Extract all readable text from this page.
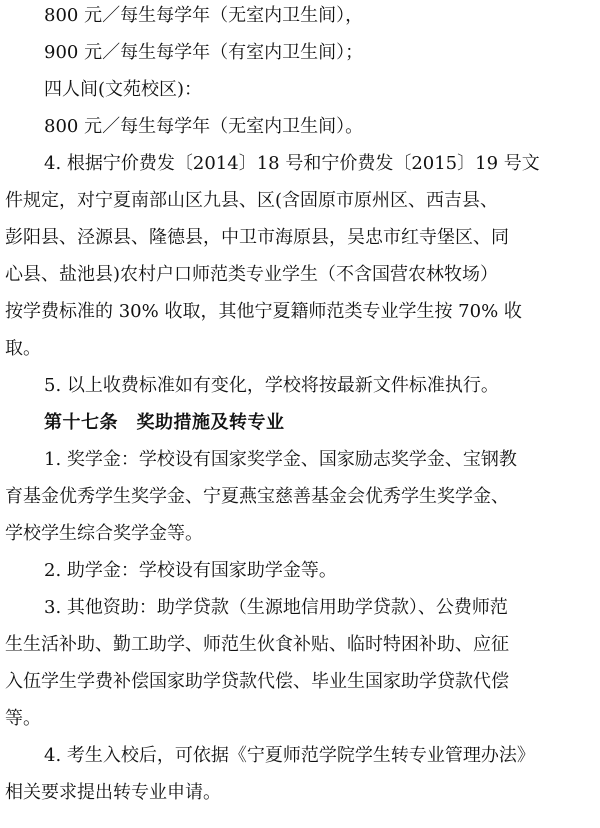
800 元／每生每学年（无室内卫生间），
900 元／每生每学年（有室内卫生间）；
四人间(文苑校区)：
800 元／每生每学年（无室内卫生间）。
4. 根据宁价费发〔2014〕18 号和宁价费发〔2015〕19 号文
件规定，对宁夏南部山区九县、区(含固原市原州区、西吉县、
彭阳县、泾源县、隆德县，中卫市海原县，吴忠市红寺堡区、同
心县、盐池县)农村户口师范类专业学生（不含国营农林牧场）
按学费标准的 30% 收取，其他宁夏籍师范类专业学生按 70% 收
取。
5. 以上收费标准如有变化，学校将按最新文件标准执行。
第十七条　奖助措施及转专业
1. 奖学金：学校设有国家奖学金、国家励志奖学金、宝钢教
育基金优秀学生奖学金、宁夏燕宝慈善基金会优秀学生奖学金、
学校学生综合奖学金等。
2. 助学金：学校设有国家助学金等。
3. 其他资助：助学贷款（生源地信用助学贷款）、公费师范
生生活补助、勤工助学、师范生伙食补贴、临时特困补助、应征
入伍学生学费补偿国家助学贷款代偿、毕业生国家助学贷款代偿
等。
4. 考生入校后，可依据《宁夏师范学院学生转专业管理办法》
相关要求提出转专业申请。
